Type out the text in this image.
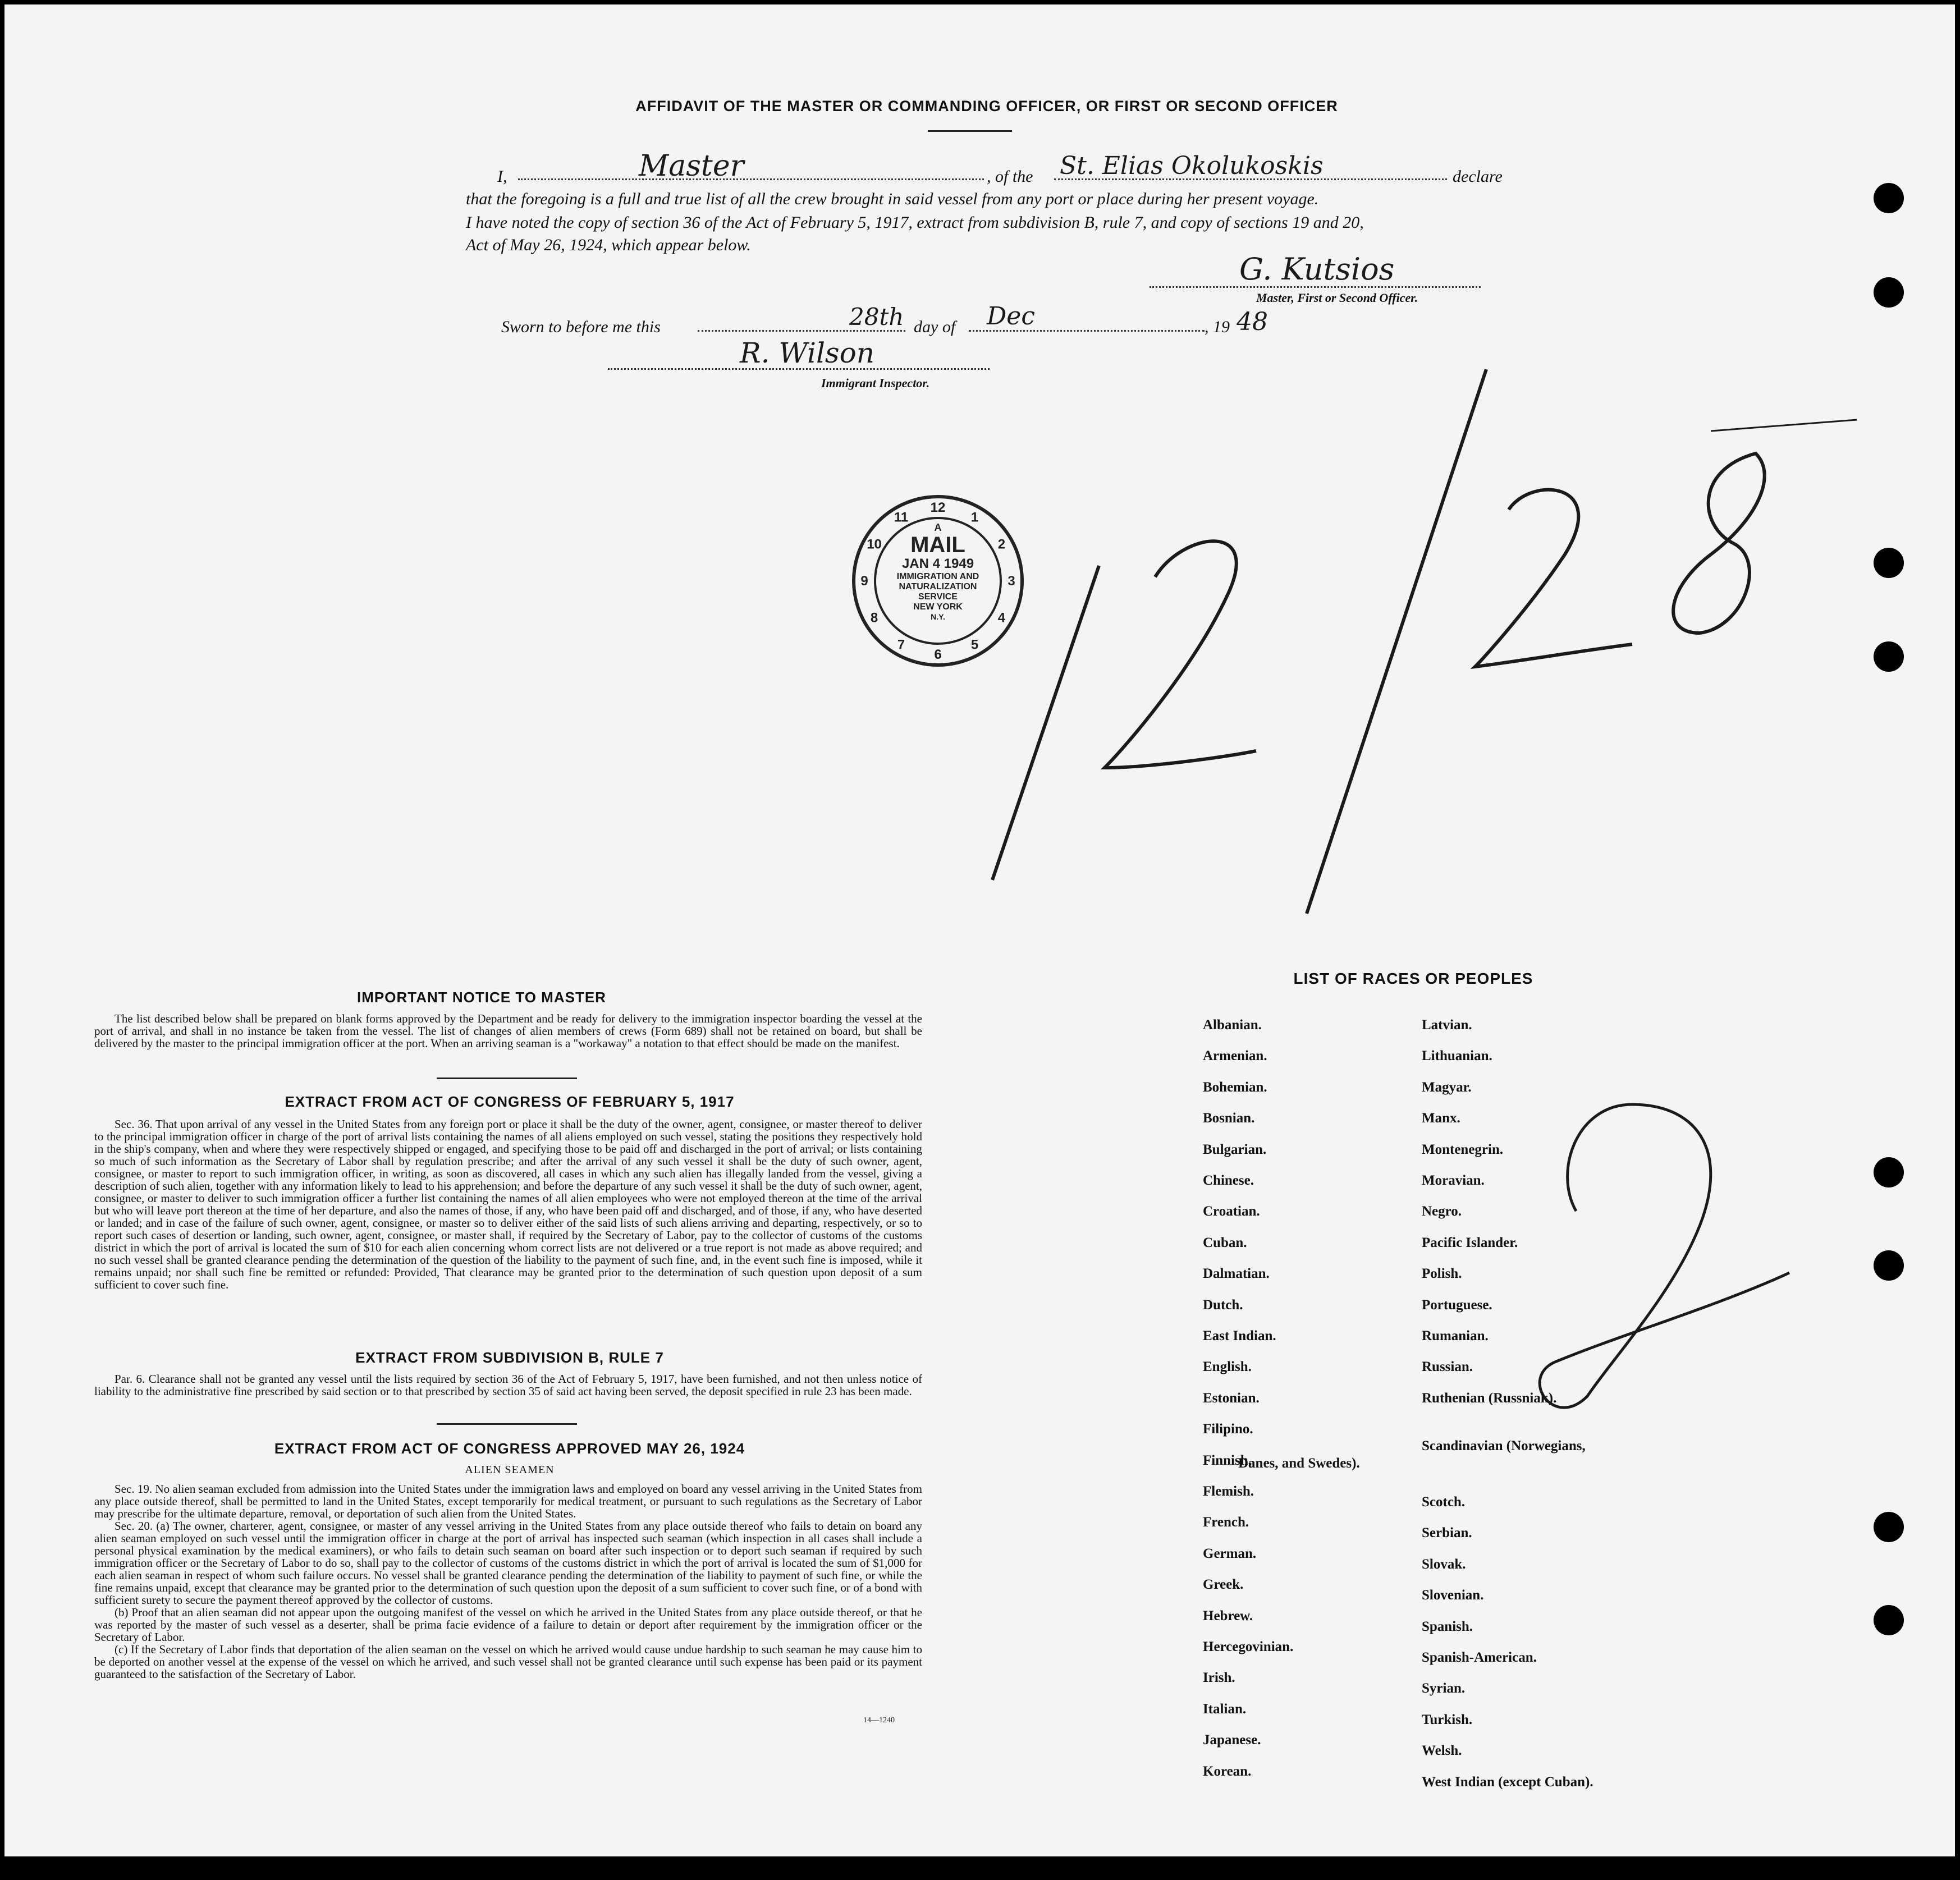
AFFIDAVIT OF THE MASTER OR COMMANDING OFFICER, OR FIRST OR SECOND OFFICER
I,	Master	, of the St. Elias Okolukoskis	declare
that the foregoing is a full and true list of all the crew brought in said vessel from any port or place during her present voyage.
I have noted the copy of section 36 of the Act of February 5, 1917, extract from subdivision B, rule 7, and copy of sections 19 and 20,
Act of May 26, 1924, which appear below.
G. Kutsios
Master, First or Second Officer.
Sworn to before me this	28th day of Dec	, 19 48
R. Wilson
Immigrant Inspector.
12
1
2
3
4
5
6
7
8
9
10
11
A
MAIL
JAN 4 1949
IMMIGRATION AND
NATURALIZATION
SERVICE
NEW YORK
N.Y.
IMPORTANT NOTICE TO MASTER

The list described below shall be prepared on blank forms approved by the Department and be ready for delivery to the immigration inspector boarding the vessel at the port of arrival, and shall in no instance be taken from the vessel. The list of changes of alien members of crews (Form 689) shall not be retained on board, but shall be delivered by the master to the principal immigration officer at the port. When an arriving seaman is a "workaway" a notation to that effect should be made on the manifest.

EXTRACT FROM ACT OF CONGRESS OF FEBRUARY 5, 1917

Sec. 36. That upon arrival of any vessel in the United States from any foreign port or place it shall be the duty of the owner, agent, consignee, or master thereof to deliver to the principal immigration officer in charge of the port of arrival lists containing the names of all aliens employed on such vessel, stating the positions they respectively hold in the ship's company, when and where they were respectively shipped or engaged, and specifying those to be paid off and discharged in the port of arrival; or lists containing so much of such information as the Secretary of Labor shall by regulation prescribe; and after the arrival of any such vessel it shall be the duty of such owner, agent, consignee, or master to report to such immigration officer, in writing, as soon as discovered, all cases in which any such alien has illegally landed from the vessel, giving a description of such alien, together with any information likely to lead to his apprehension; and before the departure of any such vessel it shall be the duty of such owner, agent, consignee, or master to deliver to such immigration officer a further list containing the names of all alien employees who were not employed thereon at the time of the arrival but who will leave port thereon at the time of her departure, and also the names of those, if any, who have been paid off and discharged, and of those, if any, who have deserted or landed; and in case of the failure of such owner, agent, consignee, or master so to deliver either of the said lists of such aliens arriving and departing, respectively, or so to report such cases of desertion or landing, such owner, agent, consignee, or master shall, if required by the Secretary of Labor, pay to the collector of customs of the customs district in which the port of arrival is located the sum of $10 for each alien concerning whom correct lists are not delivered or a true report is not made as above required; and no such vessel shall be granted clearance pending the determination of the question of the liability to the payment of such fine, and, in the event such fine is imposed, while it remains unpaid; nor shall such fine be remitted or refunded: Provided, That clearance may be granted prior to the determination of such question upon deposit of a sum sufficient to cover such fine.

EXTRACT FROM SUBDIVISION B, RULE 7

Par. 6. Clearance shall not be granted any vessel until the lists required by section 36 of the Act of February 5, 1917, have been furnished, and not then unless notice of liability to the administrative fine prescribed by said section or to that prescribed by section 35 of said act having been served, the deposit specified in rule 23 has been made.

EXTRACT FROM ACT OF CONGRESS APPROVED MAY 26, 1924
ALIEN SEAMEN

Sec. 19. No alien seaman excluded from admission into the United States under the immigration laws and employed on board any vessel arriving in the United States from any place outside thereof, shall be permitted to land in the United States, except temporarily for medical treatment, or pursuant to such regulations as the Secretary of Labor may prescribe for the ultimate departure, removal, or deportation of such alien from the United States.

Sec. 20. (a) The owner, charterer, agent, consignee, or master of any vessel arriving in the United States from any place outside thereof who fails to detain on board any alien seaman employed on such vessel until the immigration officer in charge at the port of arrival has inspected such seaman (which inspection in all cases shall include a personal physical examination by the medical examiners), or who fails to detain such seaman on board after such inspection or to deport such seaman if required by such immigration officer or the Secretary of Labor to do so, shall pay to the collector of customs of the customs district in which the port of arrival is located the sum of $1,000 for each alien seaman in respect of whom such failure occurs. No vessel shall be granted clearance pending the determination of the liability to payment of such fine, or while the fine remains unpaid, except that clearance may be granted prior to the determination of such question upon the deposit of a sum sufficient to cover such fine, or of a bond with sufficient surety to secure the payment thereof approved by the collector of customs.

(b) Proof that an alien seaman did not appear upon the outgoing manifest of the vessel on which he arrived in the United States from any place outside thereof, or that he was reported by the master of such vessel as a deserter, shall be prima facie evidence of a failure to detain or deport after requirement by the immigration officer or the Secretary of Labor.

(c) If the Secretary of Labor finds that deportation of the alien seaman on the vessel on which he arrived would cause undue hardship to such seaman he may cause him to be deported on another vessel at the expense of the vessel on which he arrived, and such vessel shall not be granted clearance until such expense has been paid or its payment guaranteed to the satisfaction of the Secretary of Labor.

14—1240
LIST OF RACES OR PEOPLES
Albanian.
Armenian.
Bohemian.
Bosnian.
Bulgarian.
Chinese.
Croatian.
Cuban.
Dalmatian.
Dutch.
East Indian.
English.
Estonian.
Filipino.
Finnish.
Flemish.
French.
German.
Greek.
Hebrew.
Hercegovinian.
Irish.
Italian.
Japanese.
Korean.
Latvian.
Lithuanian.
Magyar.
Manx.
Montenegrin.
Moravian.
Negro.
Pacific Islander.
Polish.
Portuguese.
Rumanian.
Russian.
Ruthenian (Russniak).
Scandinavian (Norwegians,
Danes, and Swedes).
Scotch.
Serbian.
Slovak.
Slovenian.
Spanish.
Spanish-American.
Syrian.
Turkish.
Welsh.
West Indian (except Cuban).
